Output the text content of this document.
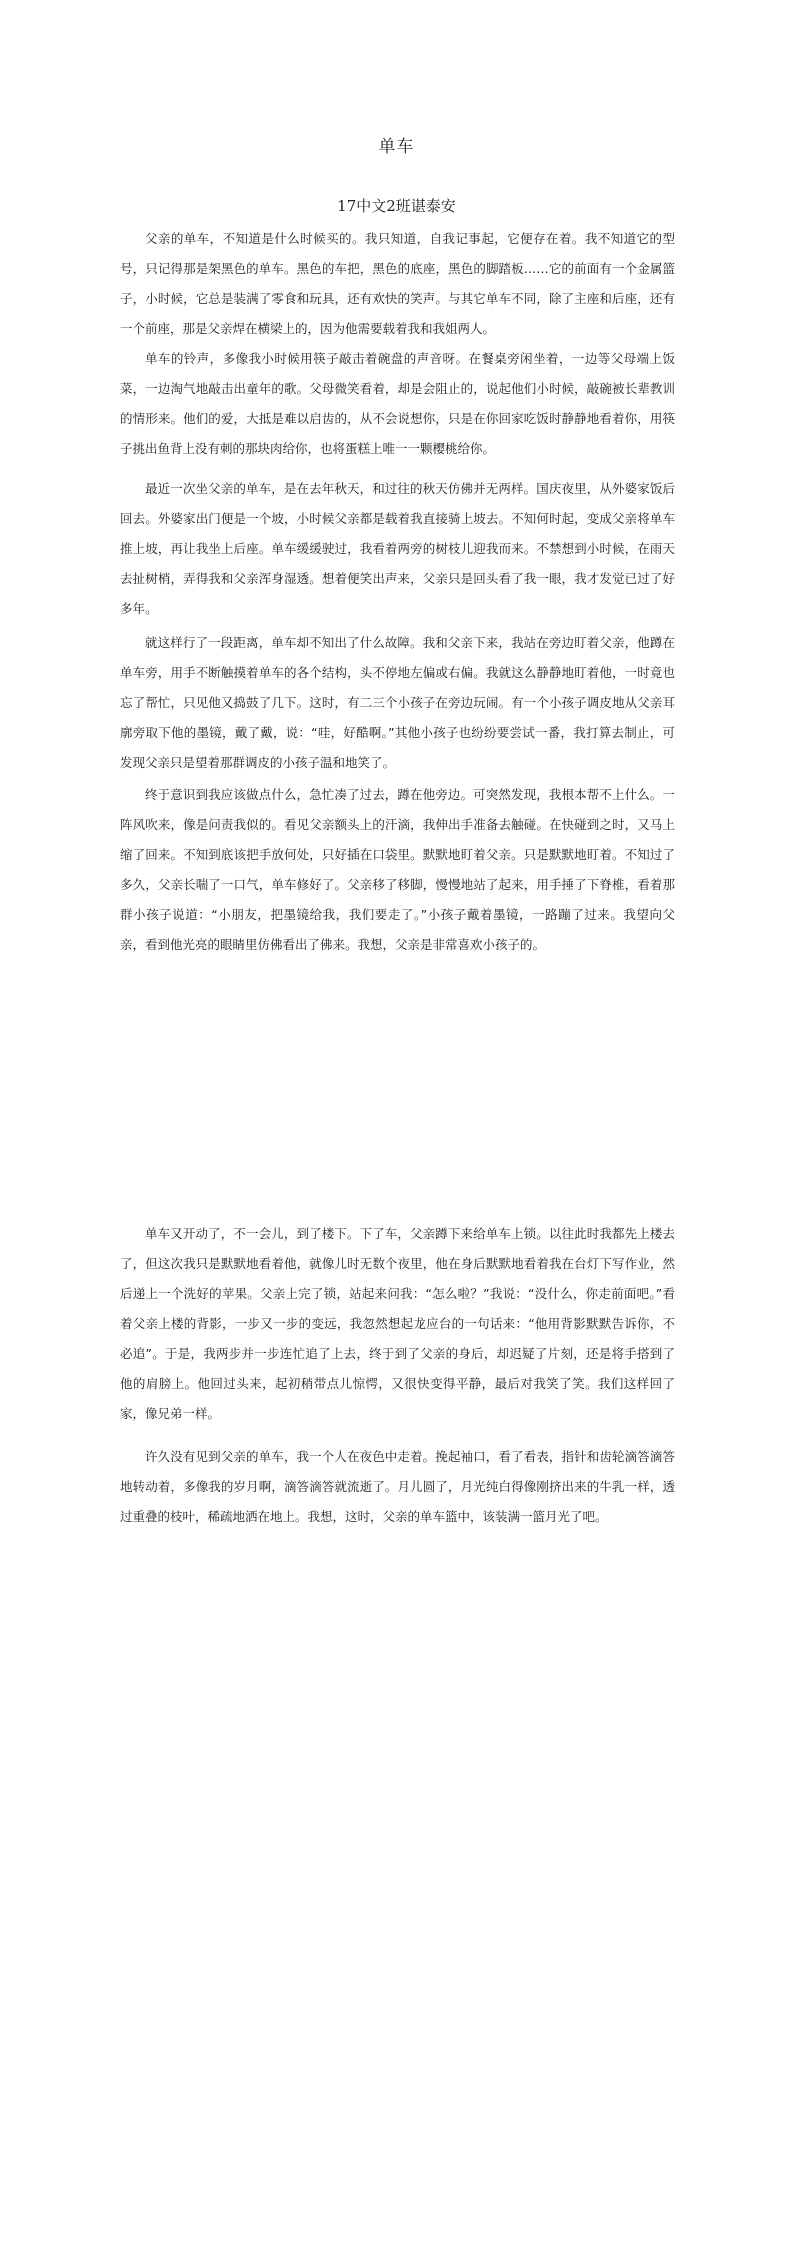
单车
17中文2班谌泰安

父亲的单车，不知道是什么时候买的。我只知道，自我记事起，它便存在着。我不知道它的型号，只记得那是架黑色的单车。黑色的车把，黑色的底座，黑色的脚踏板……它的前面有一个金属篮子，小时候，它总是装满了零食和玩具，还有欢快的笑声。与其它单车不同，除了主座和后座，还有一个前座，那是父亲焊在横梁上的，因为他需要载着我和我姐两人。

单车的铃声，多像我小时候用筷子敲击着碗盘的声音呀。在餐桌旁闲坐着，一边等父母端上饭菜，一边淘气地敲击出童年的歌。父母微笑看着，却是会阻止的，说起他们小时候，敲碗被长辈教训的情形来。他们的爱，大抵是难以启齿的，从不会说想你，只是在你回家吃饭时静静地看着你，用筷子挑出鱼背上没有刺的那块肉给你，也将蛋糕上唯一一颗樱桃给你。

最近一次坐父亲的单车，是在去年秋天，和过往的秋天仿佛并无两样。国庆夜里，从外婆家饭后回去。外婆家出门便是一个坡，小时候父亲都是载着我直接骑上坡去。不知何时起，变成父亲将单车推上坡，再让我坐上后座。单车缓缓驶过，我看着两旁的树枝儿迎我而来。不禁想到小时候，在雨天去扯树梢，弄得我和父亲浑身湿透。想着便笑出声来，父亲只是回头看了我一眼，我才发觉已过了好多年。

就这样行了一段距离，单车却不知出了什么故障。我和父亲下来，我站在旁边盯着父亲，他蹲在单车旁，用手不断触摸着单车的各个结构，头不停地左偏或右偏。我就这么静静地盯着他，一时竟也忘了帮忙，只见他又捣鼓了几下。这时，有二三个小孩子在旁边玩闹。有一个小孩子调皮地从父亲耳廓旁取下他的墨镜，戴了戴，说：“哇，好酷啊。”其他小孩子也纷纷要尝试一番，我打算去制止，可发现父亲只是望着那群调皮的小孩子温和地笑了。

终于意识到我应该做点什么，急忙凑了过去，蹲在他旁边。可突然发现，我根本帮不上什么。一阵风吹来，像是问责我似的。看见父亲额头上的汗滴，我伸出手准备去触碰。在快碰到之时，又马上缩了回来。不知到底该把手放何处，只好插在口袋里。默默地盯着父亲。只是默默地盯着。不知过了多久，父亲长喘了一口气，单车修好了。父亲移了移脚，慢慢地站了起来，用手捶了下脊椎，看着那群小孩子说道：“小朋友，把墨镜给我，我们要走了。”小孩子戴着墨镜，一路蹦了过来。我望向父亲，看到他光亮的眼睛里仿佛看出了佛来。我想，父亲是非常喜欢小孩子的。

单车又开动了，不一会儿，到了楼下。下了车，父亲蹲下来给单车上锁。以往此时我都先上楼去了，但这次我只是默默地看着他，就像儿时无数个夜里，他在身后默默地看着我在台灯下写作业，然后递上一个洗好的苹果。父亲上完了锁，站起来问我：“怎么啦？”我说：“没什么，你走前面吧。”看着父亲上楼的背影，一步又一步的变远，我忽然想起龙应台的一句话来：“他用背影默默告诉你，不必追”。于是，我两步并一步连忙追了上去，终于到了父亲的身后，却迟疑了片刻，还是将手搭到了他的肩膀上。他回过头来，起初稍带点儿惊愕，又很快变得平静，最后对我笑了笑。我们这样回了家，像兄弟一样。

许久没有见到父亲的单车，我一个人在夜色中走着。挽起袖口，看了看表，指针和齿轮滴答滴答地转动着，多像我的岁月啊，滴答滴答就流逝了。月儿圆了，月光纯白得像刚挤出来的牛乳一样，透过重叠的枝叶，稀疏地洒在地上。我想，这时，父亲的单车篮中，该装满一篮月光了吧。
